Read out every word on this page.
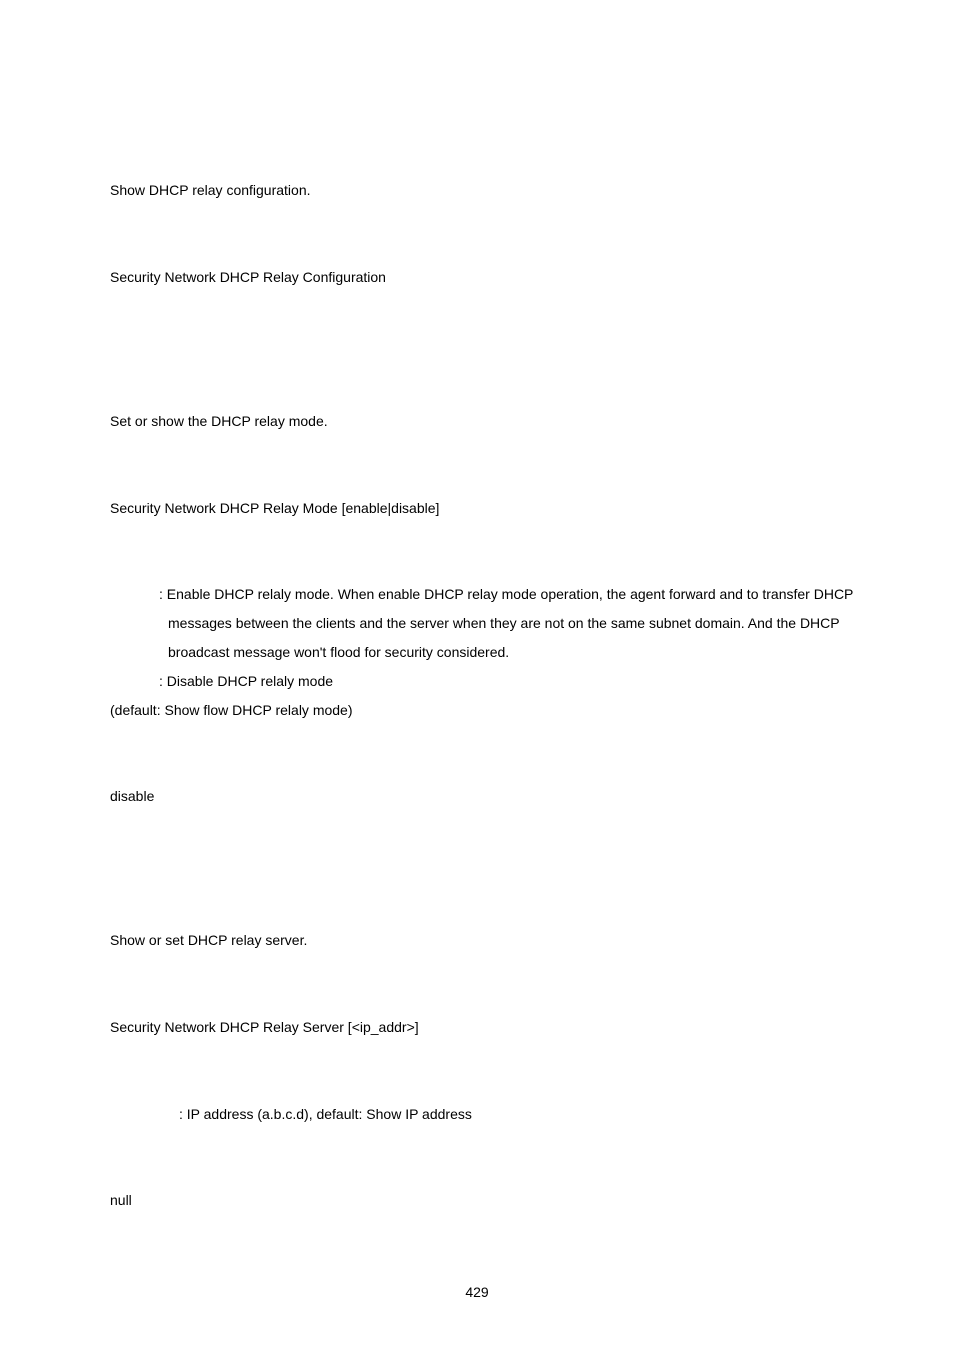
Show DHCP relay configuration.
Security Network DHCP Relay Configuration
Set or show the DHCP relay mode.
Security Network DHCP Relay Mode [enable|disable]
: Enable DHCP relaly mode. When enable DHCP relay mode operation, the agent forward and to transfer DHCP
messages between the clients and the server when they are not on the same subnet domain. And the DHCP
broadcast message won't flood for security considered.
: Disable DHCP relaly mode
(default: Show flow DHCP relaly mode)
disable
Show or set DHCP relay server.
Security Network DHCP Relay Server [<ip_addr>]
: IP address (a.b.c.d), default: Show IP address
null
429
